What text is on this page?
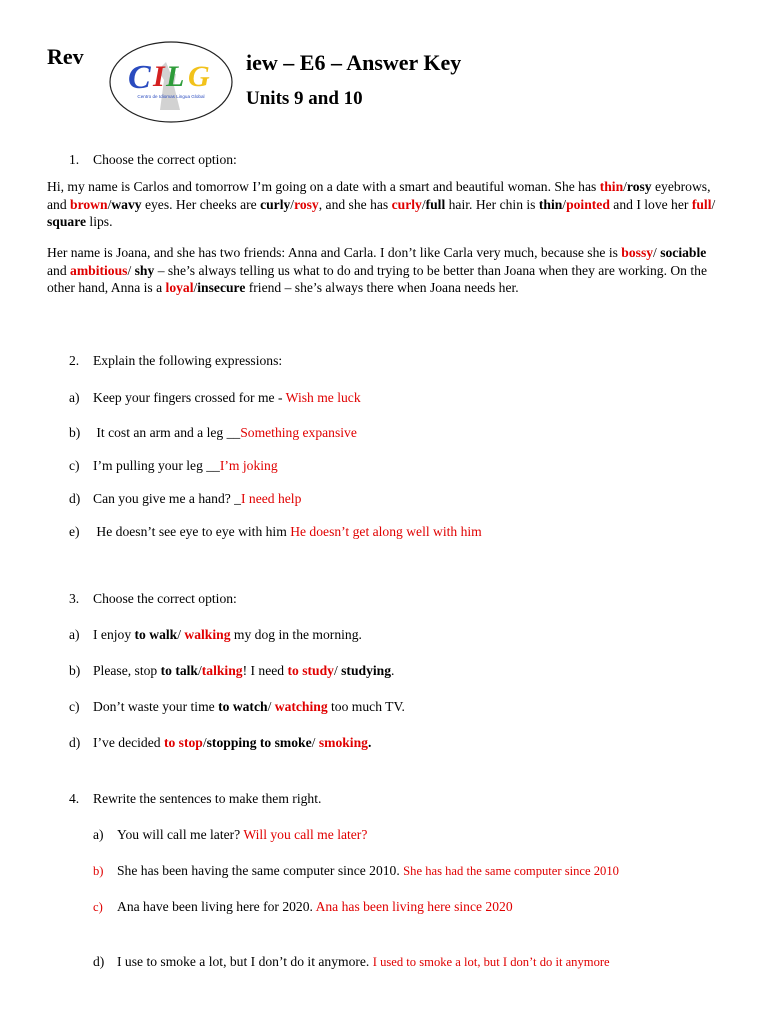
Rev
C I L G
Centro de Idiomas Lingua Global
iew – E6 – Answer Key
Units 9 and 10
1. Choose the correct option:
Hi, my name is Carlos and tomorrow I’m going on a date with a smart and beautiful woman. She has thin/rosy eyebrows, and brown/wavy eyes. Her cheeks are curly/rosy, and she has curly/full hair. Her chin is thin/pointed and I love her full/ square lips.
Her name is Joana, and she has two friends: Anna and Carla. I don’t like Carla very much, because she is bossy/ sociable and ambitious/ shy – she’s always telling us what to do and trying to be better than Joana when they are working. On the other hand, Anna is a loyal/insecure friend – she’s always there when Joana needs her.
2. Explain the following expressions:
a) Keep your fingers crossed for me - Wish me luck
b) It cost an arm and a leg __Something expansive
c) I’m pulling your leg __I’m joking
d) Can you give me a hand? _I need help
e) He doesn’t see eye to eye with him He doesn’t get along well with him
3. Choose the correct option:
a) I enjoy to walk/ walking my dog in the morning.
b) Please, stop to talk/talking! I need to study/ studying.
c) Don’t waste your time to watch/ watching too much TV.
d) I’ve decided to stop/stopping to smoke/ smoking.
4. Rewrite the sentences to make them right.
a) You will call me later? Will you call me later?
b) She has been having the same computer since 2010. She has had the same computer since 2010
c) Ana have been living here for 2020. Ana has been living here since 2020
d) I use to smoke a lot, but I don’t do it anymore. I used to smoke a lot, but I don’t do it anymore
